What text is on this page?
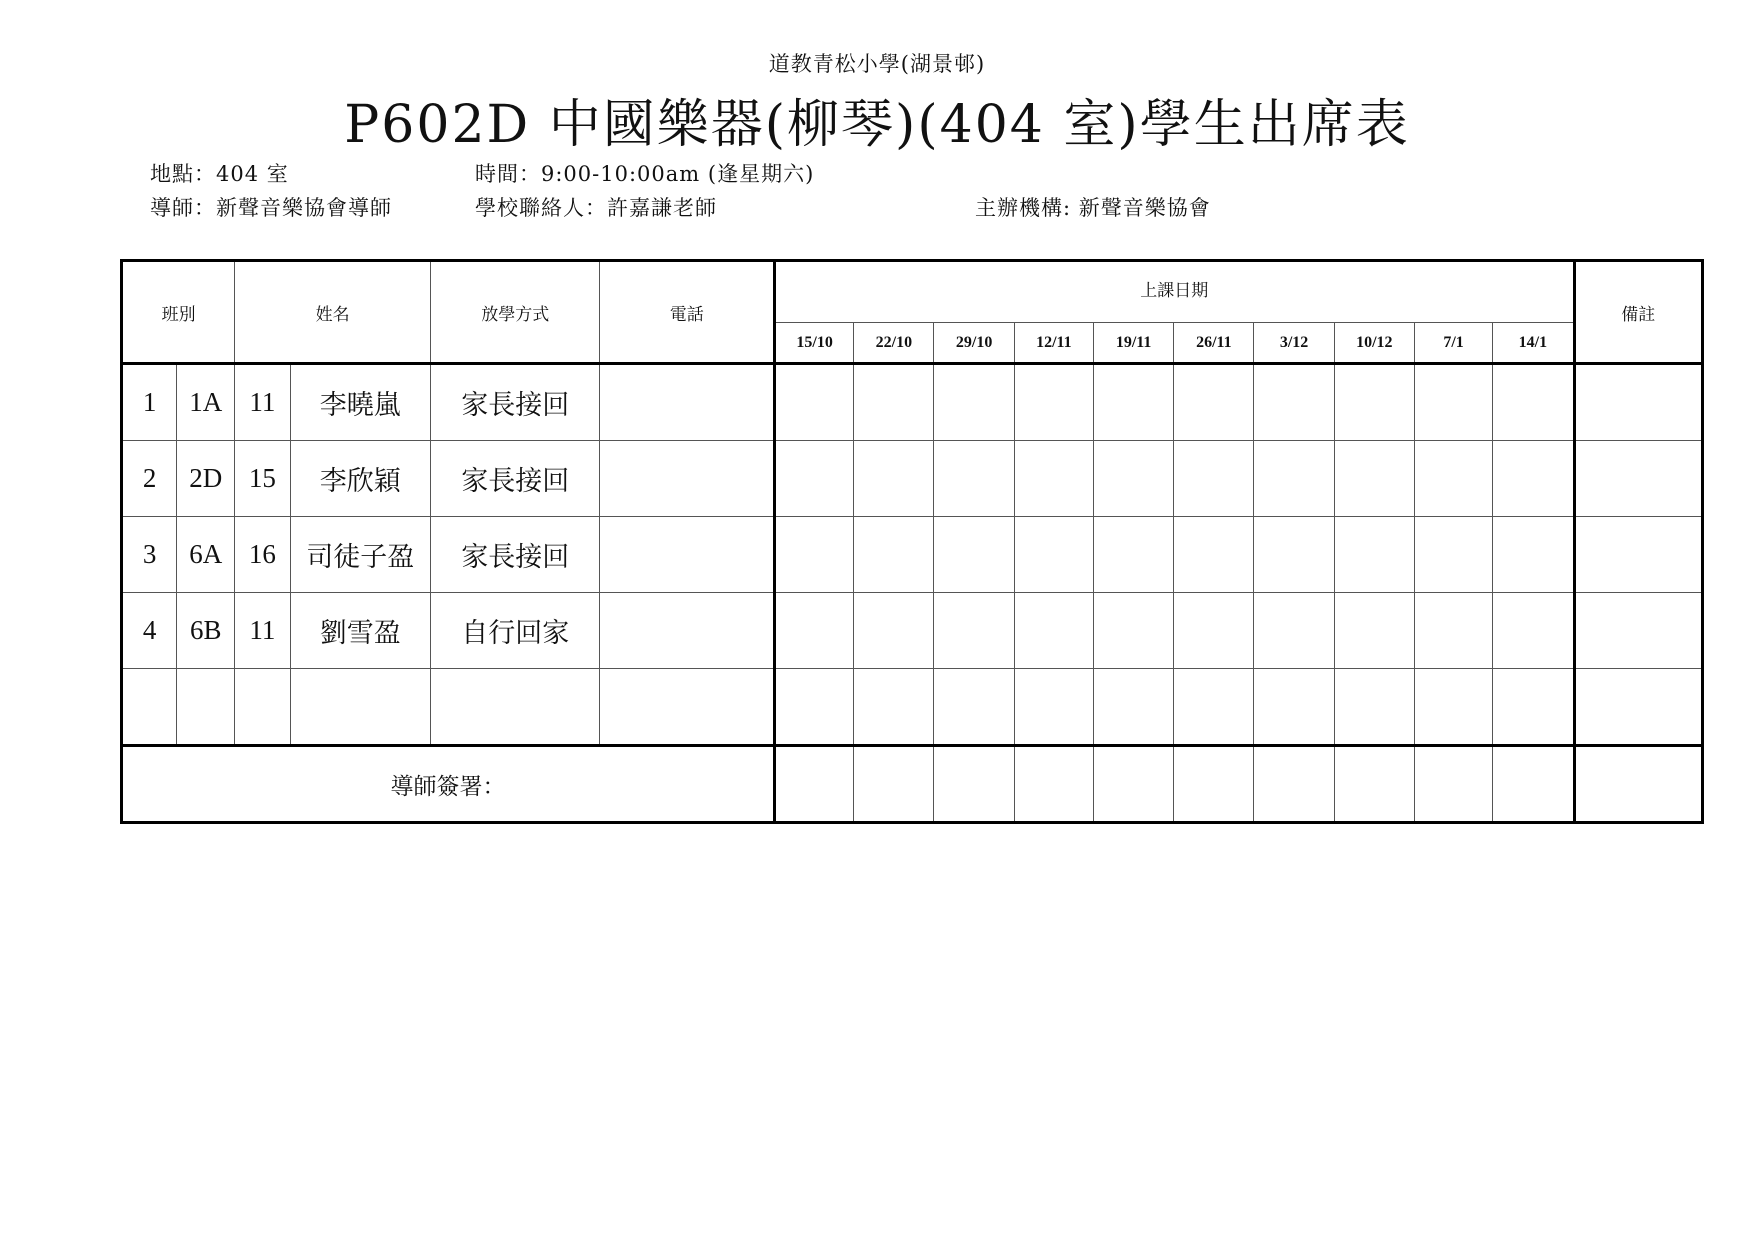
道教青松小學(湖景邨)
P602D 中國樂器(柳琴)(404 室)學生出席表
地點：404 室	時間：9:00-10:00am (逢星期六)
導師：新聲音樂協會導師	學校聯絡人：許嘉謙老師	主辦機構: 新聲音樂協會
班別		姓名		放學方式	電話	上課日期										備註
						15/10	22/10	29/10	12/11	19/11	26/11	3/12	10/12	7/1	14/1	
1	1A	11	李曉嵐	家長接回												
2	2D	15	李欣穎	家長接回												
3	6A	16	司徒子盈	家長接回												
4	6B	11	劉雪盈	自行回家												

導師簽署：																
